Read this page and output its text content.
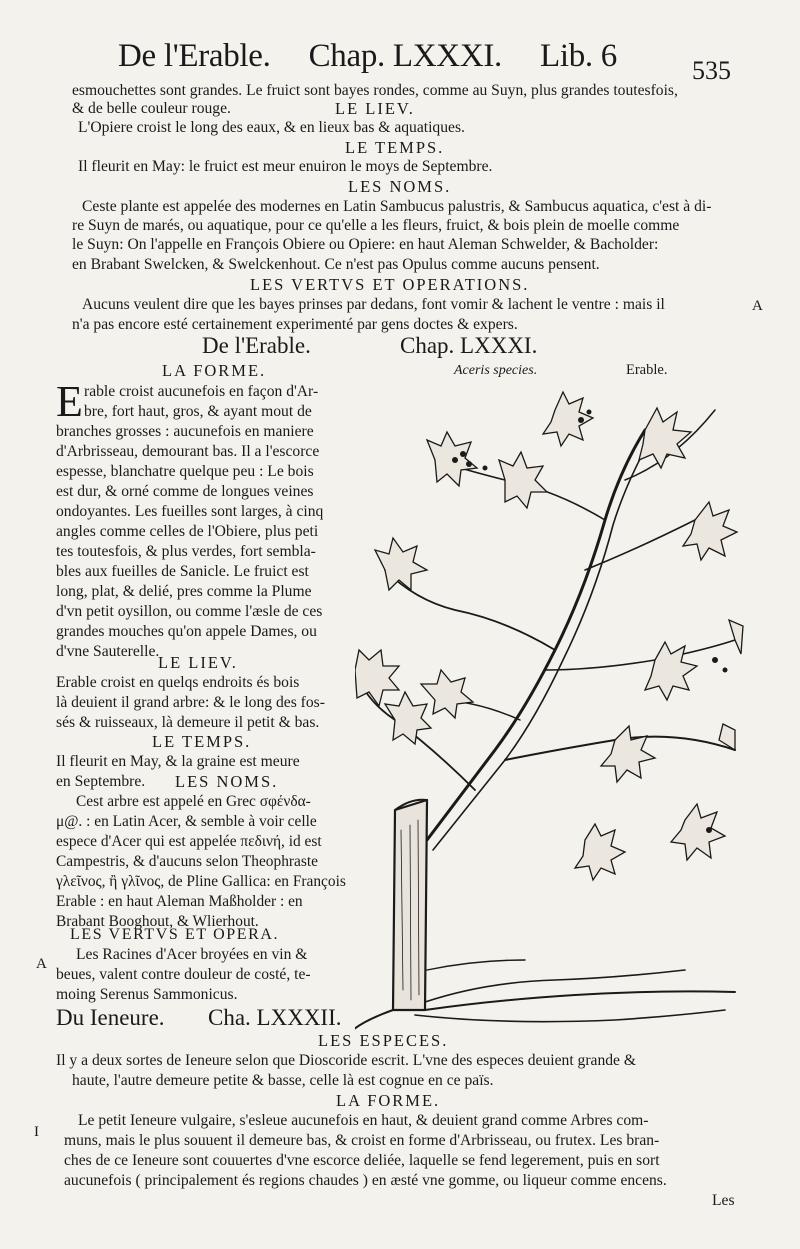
De l'Erable. Chap. LXXXI. Lib. 6	535
esmouchettes sont grandes. Le fruict sont bayes rondes, comme au Suyn, plus grandes toutesfois,
& de belle couleur rouge.	LE LIEV.
L'Opiere croist le long des eaux, & en lieux bas & aquatiques.
LE TEMPS.
Il fleurit en May: le fruict est meur enuiron le moys de Septembre.
LES NOMS.
Ceste plante est appelée des modernes en Latin Sambucus palustris, & Sambucus aquatica, c'est à di-
re Suyn de marés, ou aquatique, pour ce qu'elle a les fleurs, fruict, & bois plein de moelle comme
le Suyn: On l'appelle en François Obiere ou Opiere: en haut Aleman Schwelder, & Bacholder:
en Brabant Swelcken, & Swelckenhout. Ce n'est pas Opulus comme aucuns pensent.
LES VERTVS ET OPERATIONS.
Aucuns veulent dire que les bayes prinses par dedans, font vomir & lachent le ventre : mais il
n'a pas encore esté certainement experimenté par gens doctes & expers.
A
De l'Erable.	Chap. LXXXI.
Aceris species.	Erable.
LA FORME.
E rable croist aucunefois en façon d'Ar-
bre, fort haut, gros, & ayant mout de
branches grosses : aucunefois en maniere
d'Arbrisseau, demourant bas. Il a l'escorce
espesse, blanchatre quelque peu : Le bois
est dur, & orné comme de longues veines
ondoyantes. Les fueilles sont larges, à cinq
angles comme celles de l'Obiere, plus peti
tes toutesfois, & plus verdes, fort sembla-
bles aux fueilles de Sanicle. Le fruict est
long, plat, & delié, pres comme la Plume
d'vn petit oysillon, ou comme l'æsle de ces
grandes mouches qu'on appele Dames, ou
d'vne Sauterelle.
LE LIEV.
Erable croist en quelqs endroits és bois
là deuient il grand arbre: & le long des fos-
sés & ruisseaux, là demeure il petit & bas.
LE TEMPS.
Il fleurit en May, & la graine est meure
en Septembre. LES NOMS.
Cest arbre est appelé en Grec σφένδα-
μ@. : en Latin Acer, & semble à voir celle
espece d'Acer qui est appelée πεδινή, id est
Campestris, & d'aucuns selon Theophraste
γλεῖνος, ἢ γλῖνος, de Pline Gallica: en François
Erable : en haut Aleman Maßholder : en
Brabant Booghout, & Wlierhout.
LES VERTVS ET OPERA.
Les Racines d'Acer broyées en vin &
beues, valent contre douleur de costé, te-
moing Serenus Sammonicus.
A
Du Ieneure. Cha. LXXXII.
LES ESPECES.
Il y a deux sortes de Ieneure selon que Dioscoride escrit. L'vne des especes deuient grande &
haute, l'autre demeure petite & basse, celle là est cognue en ce païs.
LA FORME.
Le petit Ieneure vulgaire, s'esleue aucunefois en haut, & deuient grand comme Arbres com-
muns, mais le plus souuent il demeure bas, & croist en forme d'Arbrisseau, ou frutex. Les bran-
ches de ce Ieneure sont couuertes d'vne escorce deliée, laquelle se fend legerement, puis en sort
aucunefois ( principalement és regions chaudes ) en æsté vne gomme, ou liqueur comme encens.
Les
I
